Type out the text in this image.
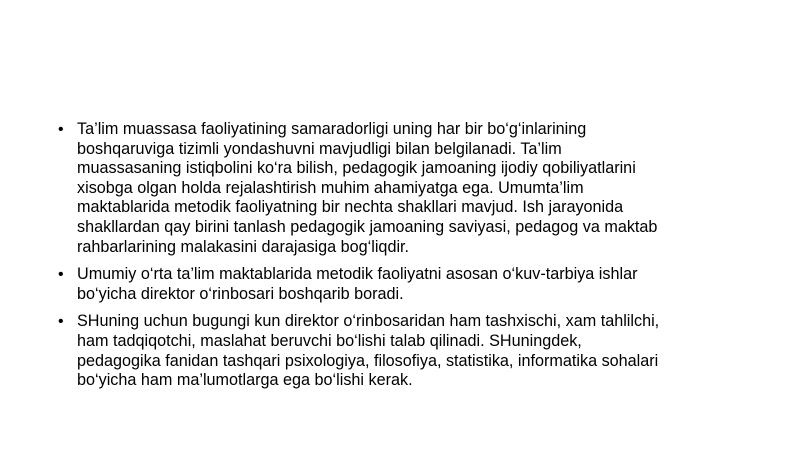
• Ta’lim muassasa faoliyatining samaradorligi uning har bir bo‘g‘inlarining
boshqaruviga tizimli yondashuvni mavjudligi bilan belgilanadi. Ta’lim
muassasaning istiqbolini ko‘ra bilish, pedagogik jamoaning ijodiy qobiliyatlarini
xisobga olgan holda rejalashtirish muhim ahamiyatga ega. Umumta’lim
maktablarida metodik faoliyatning bir nechta shakllari mavjud. Ish jarayonida
shakllardan qay birini tanlash pedagogik jamoaning saviyasi, pedagog va maktab
rahbarlarining malakasini darajasiga bog‘liqdir.
• Umumiy o‘rta ta’lim maktablarida metodik faoliyatni asosan o‘kuv-tarbiya ishlar
bo‘yicha direktor o‘rinbosari boshqarib boradi.
• SHuning uchun bugungi kun direktor o‘rinbosaridan ham tashxischi, xam tahlilchi,
ham tadqiqotchi, maslahat beruvchi bo‘lishi talab qilinadi. SHuningdek,
pedagogika fanidan tashqari psixologiya, filosofiya, statistika, informatika sohalari
bo‘yicha ham ma’lumotlarga ega bo‘lishi kerak.
